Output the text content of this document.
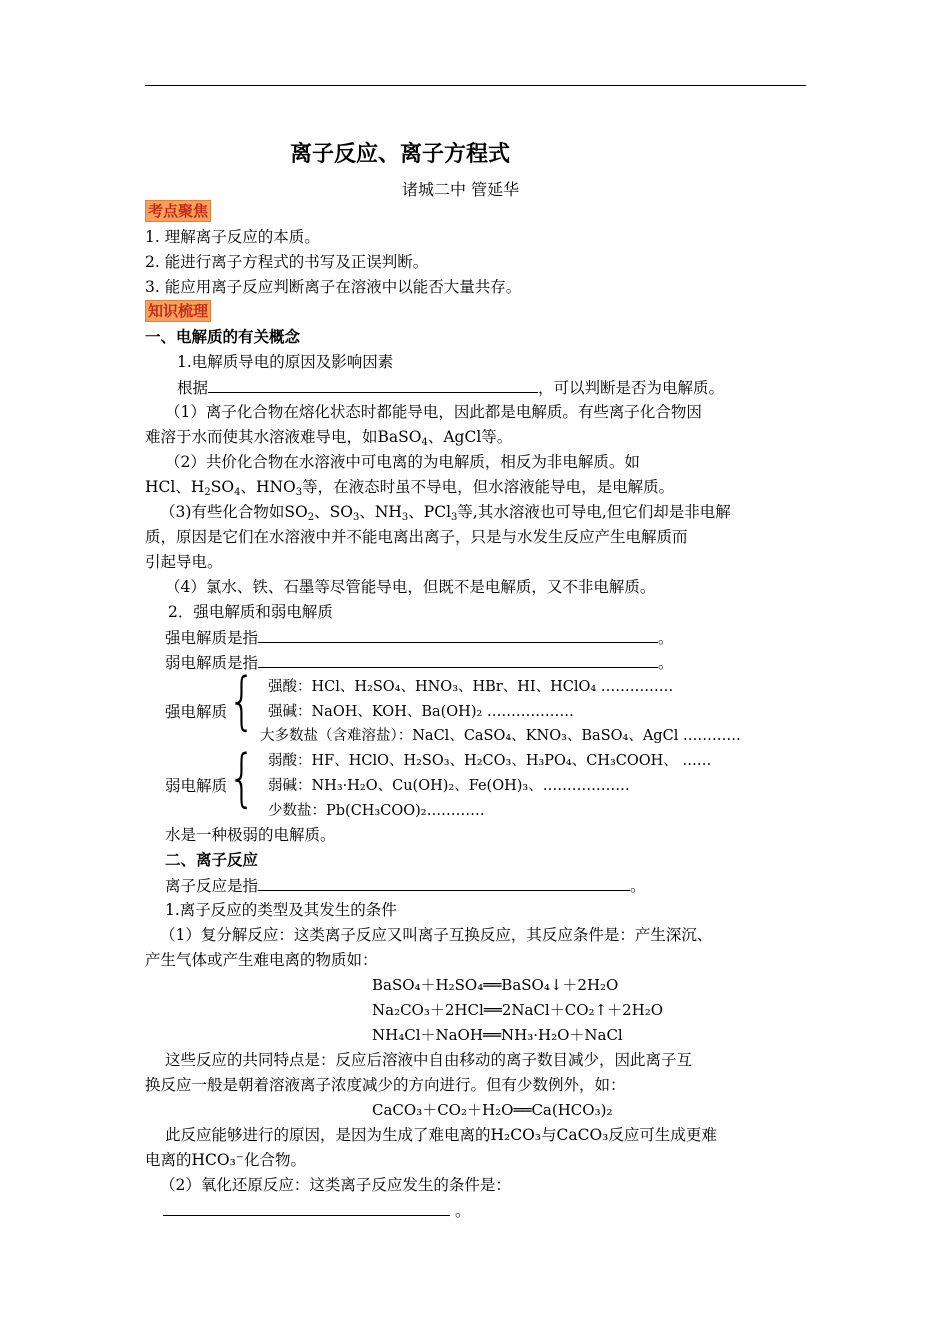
离子反应、离子方程式
诸城二中 管延华
考点聚焦
1. 理解离子反应的本质。
2. 能进行离子方程式的书写及正误判断。
3. 能应用离子反应判断离子在溶液中以能否大量共存。
知识梳理
一、电解质的有关概念
1.电解质导电的原因及影响因素
根据	，可以判断是否为电解质。
（1）离子化合物在熔化状态时都能导电，因此都是电解质。有些离子化合物因
难溶于水而使其水溶液难导电，如BaSO$_4$、AgCl等。
（2）共价化合物在水溶液中可电离的为电解质，相反为非电解质。如
HCl、$H_2SO_4$、$HNO_3$等，在液态时虽不导电，但水溶液能导电，是电解质。
（3)有些化合物如$SO_2$、$SO_3$、$NH_3$、PCl$_3$等,其水溶液也可导电,但它们却是非电解
质，原因是它们在水溶液中并不能电离出离子，只是与水发生反应产生电解质而
引起导电。
（4）氯水、铁、石墨等尽管能导电，但既不是电解质，又不非电解质。
2．强电解质和弱电解质
强电解质是指	。
弱电解质是指	。
强电解质 { 强酸：HCl、H₂SO₄、HNO₃、HBr、HI、HClO₄ ……………
强碱：NaOH、KOH、Ba(OH)₂ ………………
大多数盐（含难溶盐）：NaCl、CaSO₄、KNO₃、BaSO₄、AgCl …………
弱电解质 { 弱酸：HF、HClO、H₂SO₃、H₂CO₃、H₃PO₄、CH₃COOH、 ……
弱碱：NH₃·H₂O、Cu(OH)₂、Fe(OH)₃、………………
少数盐：Pb(CH₃COO)₂…………
水是一种极弱的电解质。
二、离子反应
离子反应是指	。
1.离子反应的类型及其发生的条件
（1）复分解反应：这类离子反应又叫离子互换反应，其反应条件是：产生深沉、
产生气体或产生难电离的物质如：
BaSO₄＋H₂SO₄══BaSO₄↓＋2H₂O
Na₂CO₃＋2HCl══2NaCl＋CO₂↑＋2H₂O
NH₄Cl＋NaOH══NH₃·H₂O＋NaCl
这些反应的共同特点是：反应后溶液中自由移动的离子数目减少，因此离子互
换反应一般是朝着溶液离子浓度减少的方向进行。但有少数例外，如：
CaCO₃＋CO₂＋H₂O══Ca(HCO₃)₂
此反应能够进行的原因，是因为生成了难电离的H₂CO₃与CaCO₃反应可生成更难
电离的HCO₃⁻化合物。
（2）氧化还原反应：这类离子反应发生的条件是：
。
